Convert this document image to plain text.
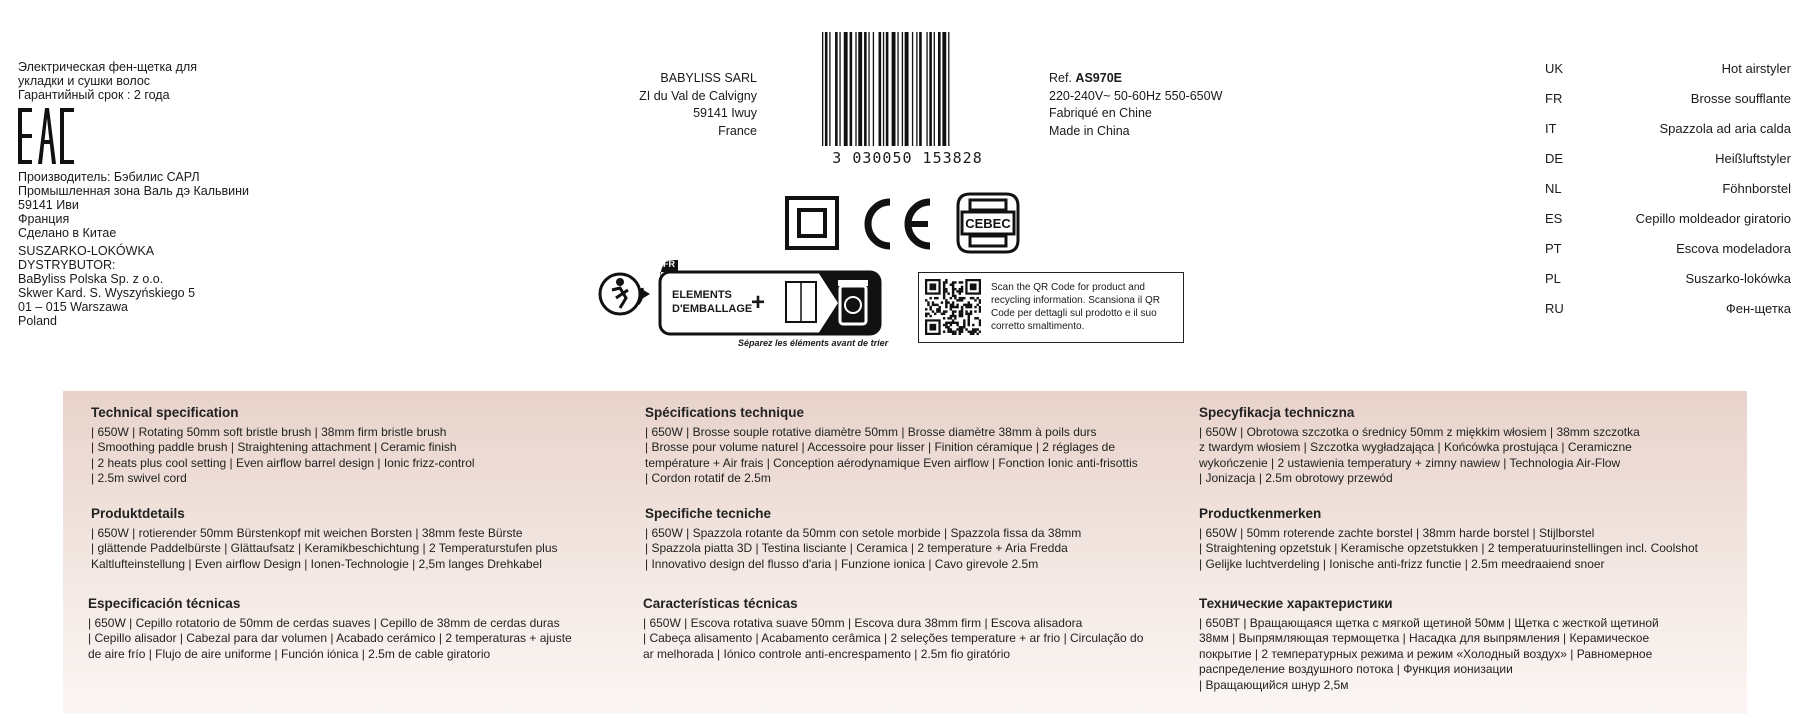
Электрическая фен-щетка для
укладки и сушки волос
Гарантийный срок : 2 года
Производитель: Бэбилис САРЛ
Промышленная зона Валь дэ Кальвини
59141 Иви
Франция
Сделано в Китае
SUSZARKO-LOKÓWKA
DYSTRYBUTOR:
BaByliss Polska Sp. z o.o.
Skwer Kard. S. Wyszyńskiego 5
01 – 015 Warszawa
Poland
BABYLISS SARL
ZI du Val de Calvigny
59141 Iwuy
France
3 030050 153828
Ref. AS970E
220-240V~ 50-60Hz 550-650W
Fabriqué en Chine
Made in China
CEBEC
FR
ELEMENTS
D'EMBALLAGE
+
Séparez les éléments avant de trier
Scan the QR Code for product and recycling information. Scansiona il QR Code per dettagli sul prodotto e il suo corretto smaltimento.
UK	Hot airstyler
FR	Brosse soufflante
IT	Spazzola ad aria calda
DE	Heißluftstyler
NL	Föhnborstel
ES	Cepillo moldeador giratorio
PT	Escova modeladora
PL	Suszarko-lokówka
RU	Фен-щетка
Technical specification
| 650W | Rotating 50mm soft bristle brush | 38mm firm bristle brush
| Smoothing paddle brush | Straightening attachment | Ceramic finish
| 2 heats plus cool setting | Even airflow barrel design | Ionic frizz-control
| 2.5m swivel cord
Spécifications technique
| 650W | Brosse souple rotative diamètre 50mm | Brosse diamètre 38mm à poils durs
| Brosse pour volume naturel | Accessoire pour lisser | Finition céramique | 2 réglages de
température + Air frais | Conception aérodynamique Even airflow | Fonction Ionic anti-frisottis
| Cordon rotatif de 2.5m
Specyfikacja techniczna
| 650W | Obrotowa szczotka o średnicy 50mm z miękkim włosiem | 38mm szczotka
z twardym włosiem | Szczotka wygładzająca | Końcówka prostująca | Ceramiczne
wykończenie | 2 ustawienia temperatury + zimny nawiew | Technologia Air-Flow
| Jonizacja | 2.5m obrotowy przewód
Produktdetails
| 650W | rotierender 50mm Bürstenkopf mit weichen Borsten | 38mm feste Bürste
| glättende Paddelbürste | Glättaufsatz | Keramikbeschichtung | 2 Temperaturstufen plus
Kaltlufteinstellung | Even airflow Design | Ionen-Technologie | 2,5m langes Drehkabel
Specifiche tecniche
| 650W | Spazzola rotante da 50mm con setole morbide | Spazzola fissa da 38mm
| Spazzola piatta 3D | Testina lisciante | Ceramica | 2 temperature + Aria Fredda
| Innovativo design del flusso d'aria | Funzione ionica | Cavo girevole 2.5m
Productkenmerken
| 650W | 50mm roterende zachte borstel | 38mm harde borstel | Stijlborstel
| Straightening opzetstuk | Keramische opzetstukken | 2 temperatuurinstellingen incl. Coolshot
| Gelijke luchtverdeling | Ionische anti-frizz functie | 2.5m meedraaiend snoer
Especificación técnicas
| 650W | Cepillo rotatorio de 50mm de cerdas suaves | Cepillo de 38mm de cerdas duras
| Cepillo alisador | Cabezal para dar volumen | Acabado cerámico | 2 temperaturas + ajuste
de aire frío | Flujo de aire uniforme | Función iónica | 2.5m de cable giratorio
Características técnicas
| 650W | Escova rotativa suave 50mm | Escova dura 38mm firm | Escova alisadora
| Cabeça alisamento | Acabamento cerâmica | 2 seleções temperature + ar frio | Circulação do
ar melhorada | Iónico controle anti-encrespamento | 2.5m fio giratório
Технические характеристики
| 650ВТ | Вращающаяся щетка с мягкой щетиной 50мм | Щетка с жесткой щетиной
38мм | Выпрямляющая термощетка | Насадка для выпрямления | Керамическое
покрытие | 2 температурных режима и режим «Холодный воздух» | Равномерное
распределение воздушного потока | Функция ионизации
| Вращающийся шнур 2,5м
